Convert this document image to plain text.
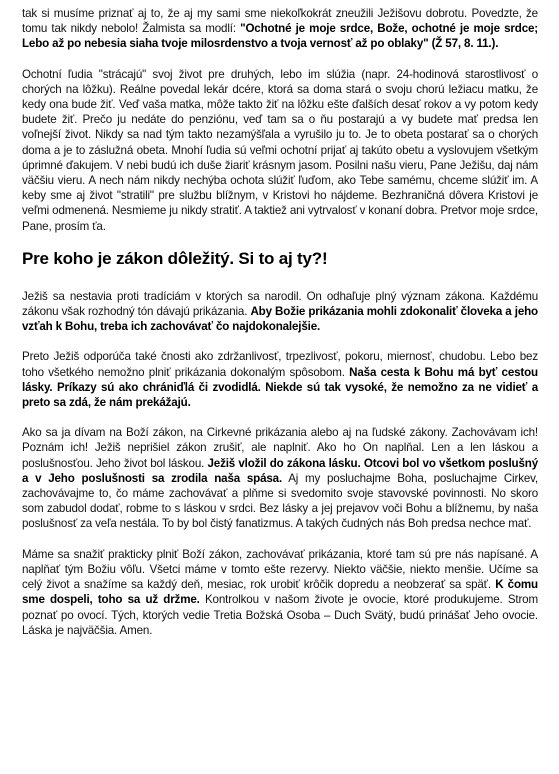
tak si musíme priznať aj to, že aj my sami sme niekoľkokrát zneužili Ježišovu dobrotu. Povedzte, že tomu tak nikdy nebolo! Žalmista sa modlí: "Ochotné je moje srdce, Bože, ochotné je moje srdce; Lebo až po nebesia siaha tvoje milosrdenstvo a tvoja vernosť až po oblaky" (Ž 57, 8. 11.).

Ochotní ľudia "strácajú" svoj život pre druhých, lebo im slúžia (napr. 24-hodinová starostlivosť o chorých na lôžku). Reálne povedal lekár dcére, ktorá sa doma stará o svoju chorú ležiacu matku, že kedy ona bude žiť. Veď vaša matka, môže takto žiť na lôžku ešte ďalších desať rokov a vy potom kedy budete žiť. Prečo ju nedáte do penziónu, veď tam sa o ňu postarajú a vy budete mať predsa len voľnejší život. Nikdy sa nad tým takto nezamýšľala a vyrušilo ju to. Je to obeta postarať sa o chorých doma a je to záslužná obeta. Mnohí ľudia sú veľmi ochotní prijať aj takúto obetu a vyslovujem všetkým úprimné ďakujem. V nebi budú ich duše žiariť krásnym jasom. Posilni našu vieru, Pane Ježišu, daj nám väčšiu vieru. A nech nám nikdy nechýba ochota slúžiť ľuďom, ako Tebe samému, chceme slúžiť im. A keby sme aj život "stratili" pre službu blížnym, v Kristovi ho nájdeme. Bezhraničná dôvera Kristovi je veľmi odmenená. Nesmieme ju nikdy stratiť. A taktiež ani vytrvalosť v konaní dobra. Pretvor moje srdce, Pane, prosím ťa.

Pre koho je zákon dôležitý. Si to aj ty?!

Ježiš sa nestavia proti tradíciám v ktorých sa narodil. On odhaľuje plný význam zákona. Každému zákonu však rozhodný tón dávajú prikázania. Aby Božie prikázania mohli zdokonaliť človeka a jeho vzťah k Bohu, treba ich zachovávať čo najdokonalejšie.

Preto Ježiš odporúča také čnosti ako zdržanlivosť, trpezlivosť, pokoru, miernosť, chudobu. Lebo bez toho všetkého nemožno plniť prikázania dokonalým spôsobom. Naša cesta k Bohu má byť cestou lásky. Príkazy sú ako chrániďlá či zvodidlá. Niekde sú tak vysoké, že nemožno za ne vidieť a preto sa zdá, že nám prekážajú.

Ako sa ja dívam na Boží zákon, na Cirkevné prikázania alebo aj na ľudské zákony. Zachovávam ich! Poznám ich! Ježiš neprišiel zákon zrušiť, ale naplniť. Ako ho On naplňal. Len a len láskou a poslušnosťou. Jeho život bol láskou. Ježiš vložil do zákona lásku. Otcovi bol vo všetkom poslušný a v Jeho poslušnosti sa zrodila naša spása. Aj my posluchajme Boha, posluchajme Cirkev, zachovávajme to, čo máme zachovávať a plňme si svedomito svoje stavovské povinnosti. No skoro som zabudol dodať, robme to s láskou v srdci. Bez lásky a jej prejavov voči Bohu a blížnemu, by naša poslušnosť za veľa nestála. To by bol čistý fanatizmus. A takých čudných nás Boh predsa nechce mať.

Máme sa snažiť prakticky plniť Boží zákon, zachovávať prikázania, ktoré tam sú pre nás napísané. A naplňať tým Božiu vôľu. Všetci máme v tomto ešte rezervy. Niekto väčšie, niekto menšie. Učíme sa celý život a snažíme sa každý deň, mesiac, rok urobiť krôčik dopredu a neobzerať sa späť. K čomu sme dospeli, toho sa už držme. Kontrolkou v našom živote je ovocie, ktoré produkujeme. Strom poznať po ovocí. Tých, ktorých vedie Tretia Božská Osoba – Duch Svätý, budú prinášať Jeho ovocie. Láska je najväčšia. Amen.
